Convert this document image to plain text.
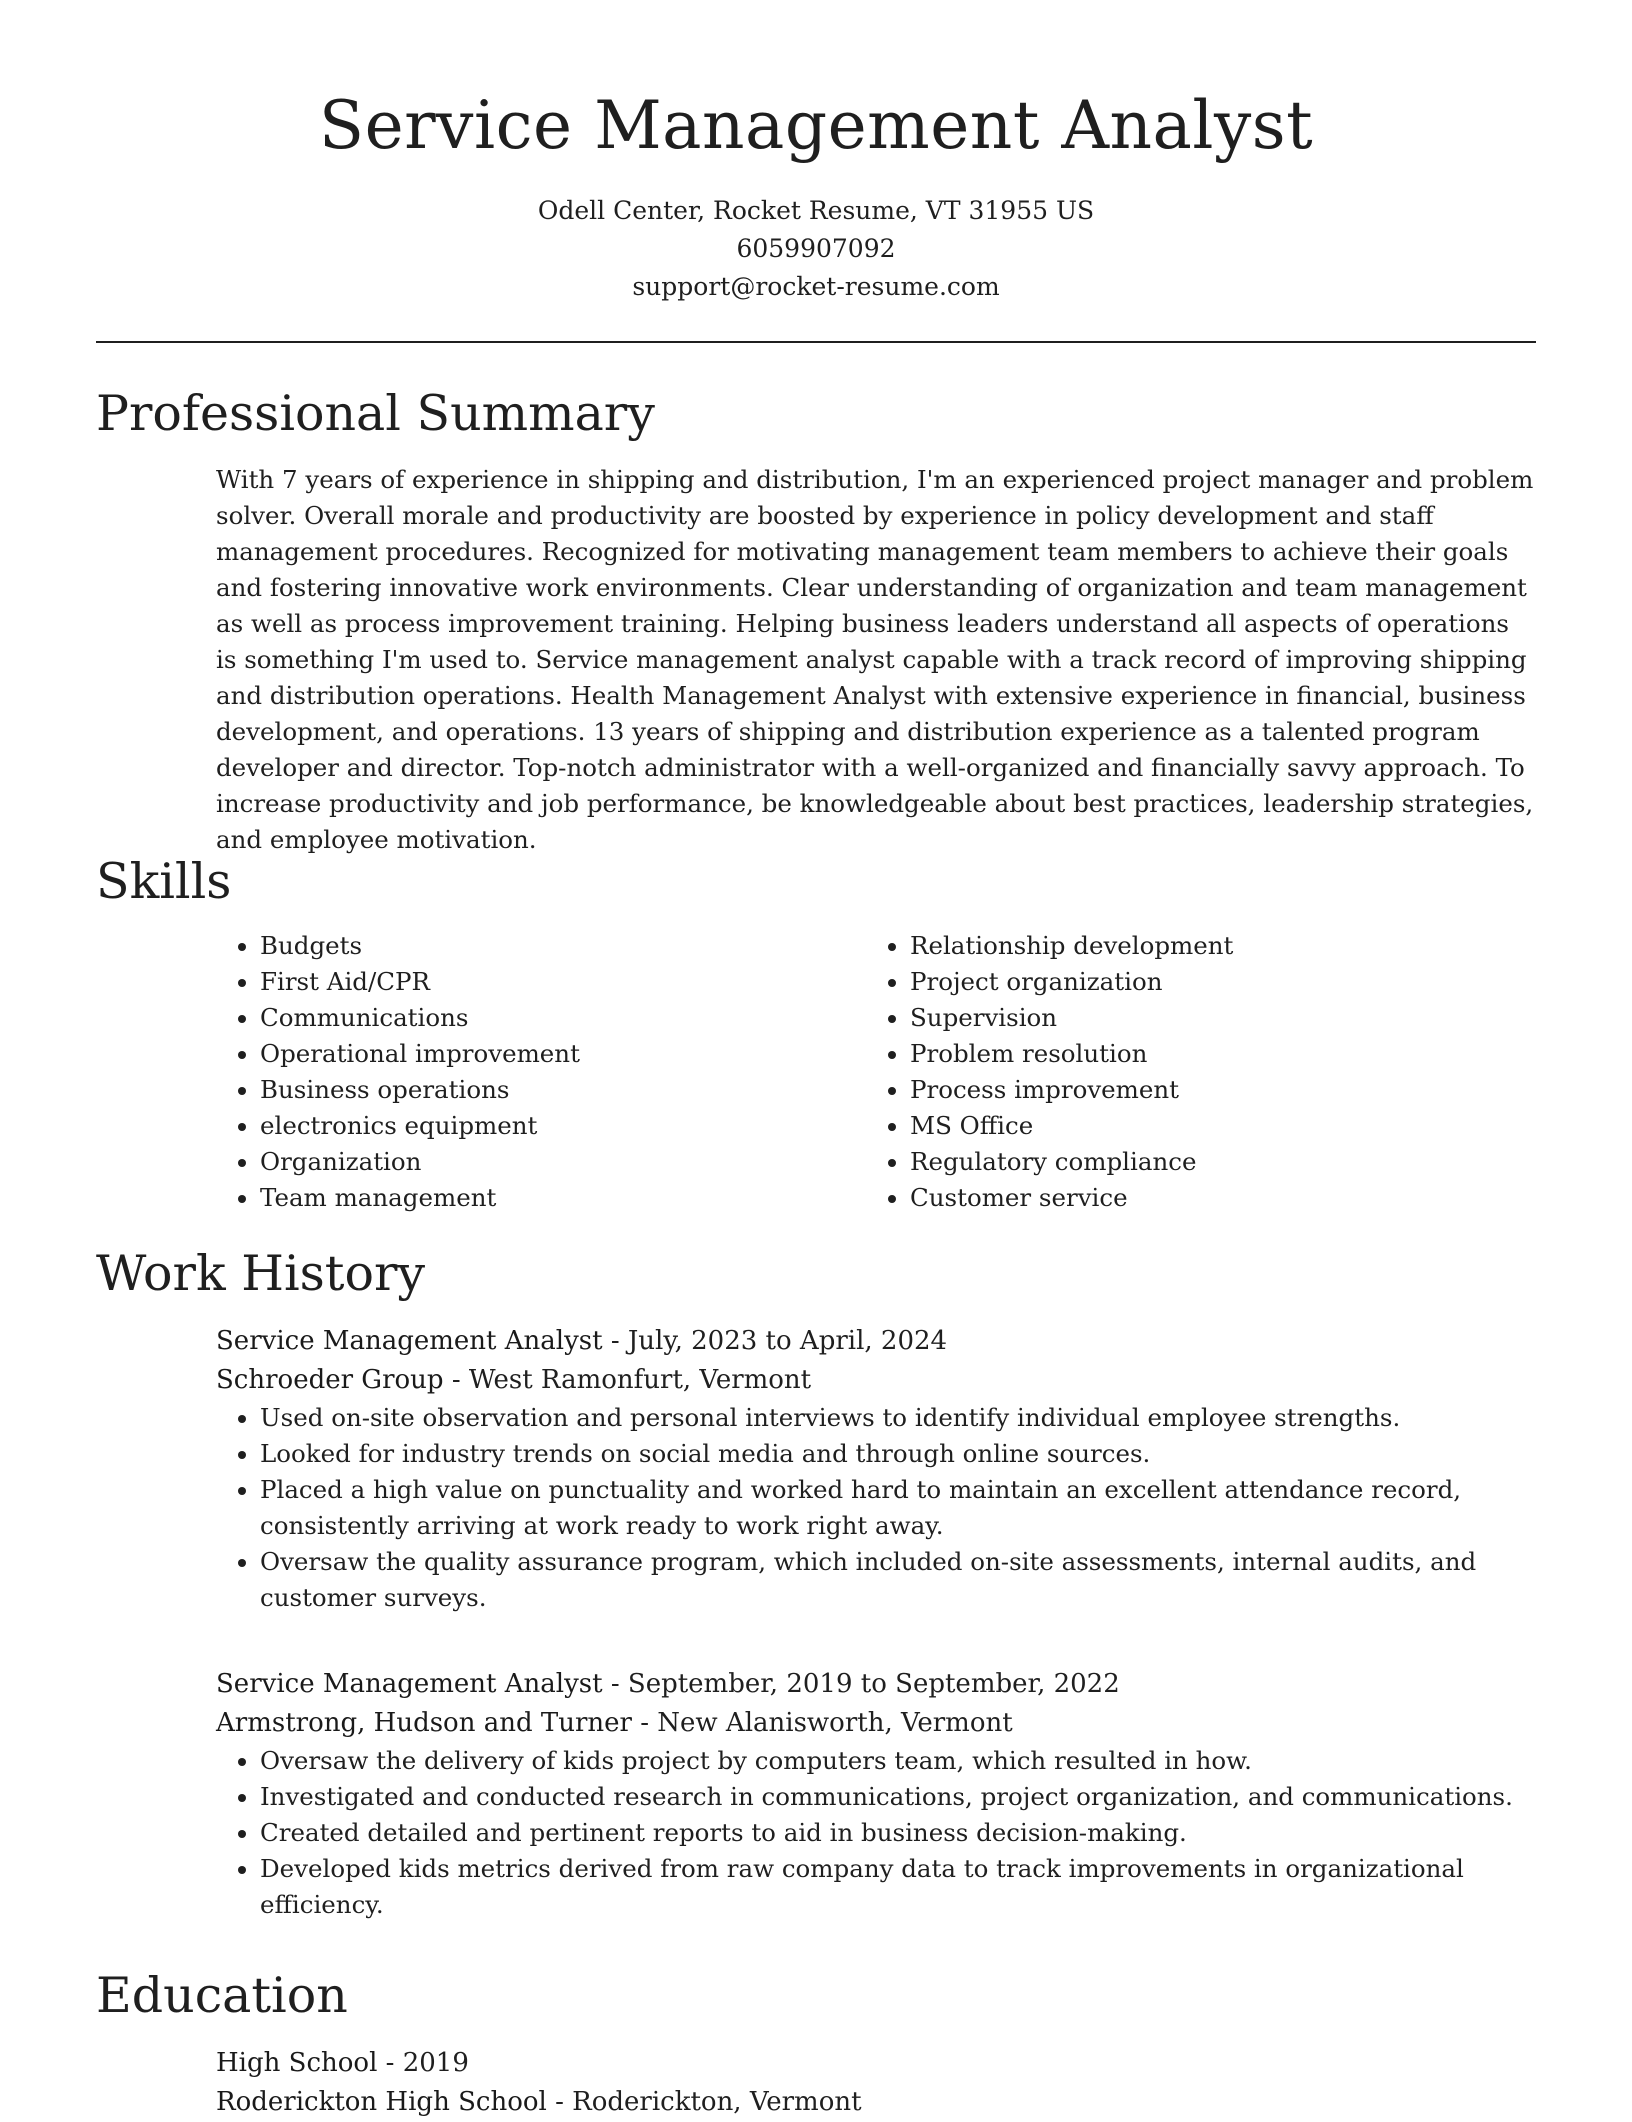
Service Management Analyst
Odell Center, Rocket Resume, VT 31955 US
6059907092
support@rocket-resume.com
Professional Summary

With 7 years of experience in shipping and distribution, I'm an experienced project manager and problem solver. Overall morale and productivity are boosted by experience in policy development and staff management procedures. Recognized for motivating management team members to achieve their goals and fostering innovative work environments. Clear understanding of organization and team management as well as process improvement training. Helping business leaders understand all aspects of operations is something I'm used to. Service management analyst capable with a track record of improving shipping and distribution operations. Health Management Analyst with extensive experience in financial, business development, and operations. 13 years of shipping and distribution experience as a talented program developer and director. Top-notch administrator with a well-organized and financially savvy approach. To increase productivity and job performance, be knowledgeable about best practices, leadership strategies, and employee motivation.

Skills
• Budgets
• First Aid/CPR
• Communications
• Operational improvement
• Business operations
• electronics equipment
• Organization
• Team management
• Relationship development
• Project organization
• Supervision
• Problem resolution
• Process improvement
• MS Office
• Regulatory compliance
• Customer service
Work History
Service Management Analyst - July, 2023 to April, 2024
Schroeder Group - West Ramonfurt, Vermont
• Used on-site observation and personal interviews to identify individual employee strengths.
• Looked for industry trends on social media and through online sources.
• Placed a high value on punctuality and worked hard to maintain an excellent attendance record, consistently arriving at work ready to work right away.
• Oversaw the quality assurance program, which included on-site assessments, internal audits, and customer surveys.
Service Management Analyst - September, 2019 to September, 2022
Armstrong, Hudson and Turner - New Alanisworth, Vermont
• Oversaw the delivery of kids project by computers team, which resulted in how.
• Investigated and conducted research in communications, project organization, and communications.
• Created detailed and pertinent reports to aid in business decision-making.
• Developed kids metrics derived from raw company data to track improvements in organizational efficiency.
Education
High School - 2019
Roderickton High School - Roderickton, Vermont
